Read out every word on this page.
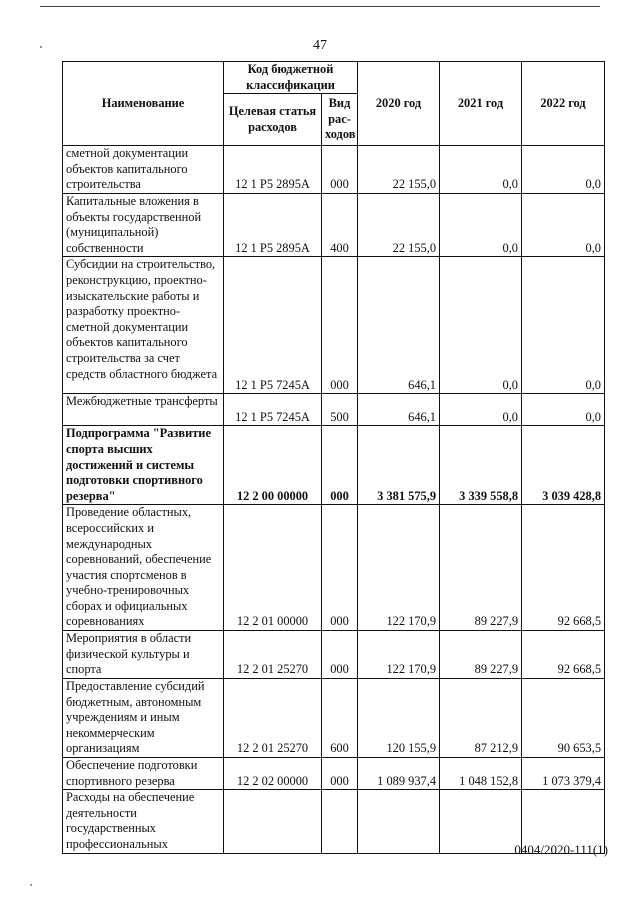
47
Наименование	Код бюджетной классификации		2020 год	2021 год	2022 год
	Целевая статья расходов	Вид рас-ходов			
сметной документации объектов капитального строительства	12 1 P5 2895A	000	22 155,0	0,0	0,0
Капитальные вложения в объекты государственной (муниципальной) собственности	12 1 P5 2895A	400	22 155,0	0,0	0,0
Субсидии на строительство, реконструкцию, проектно-изыскательские работы и разработку проектно-сметной документации объектов капитального строительства за счет средств областного бюджета	12 1 P5 7245A	000	646,1	0,0	0,0
Межбюджетные трансферты	12 1 P5 7245A	500	646,1	0,0	0,0
Подпрограмма "Развитие спорта высших достижений и системы подготовки спортивного резерва"	12 2 00 00000	000	3 381 575,9	3 339 558,8	3 039 428,8
Проведение областных, всероссийских и международных соревнований, обеспечение участия спортсменов в учебно-тренировочных сборах и официальных соревнованиях	12 2 01 00000	000	122 170,9	89 227,9	92 668,5
Мероприятия в области физической культуры и спорта	12 2 01 25270	000	122 170,9	89 227,9	92 668,5
Предоставление субсидий бюджетным, автономным учреждениям и иным некоммерческим организациям	12 2 01 25270	600	120 155,9	87 212,9	90 653,5
Обеспечение подготовки спортивного резерва	12 2 02 00000	000	1 089 937,4	1 048 152,8	1 073 379,4
Расходы на обеспечение деятельности государственных профессиональных						0404/2020-111(1)
